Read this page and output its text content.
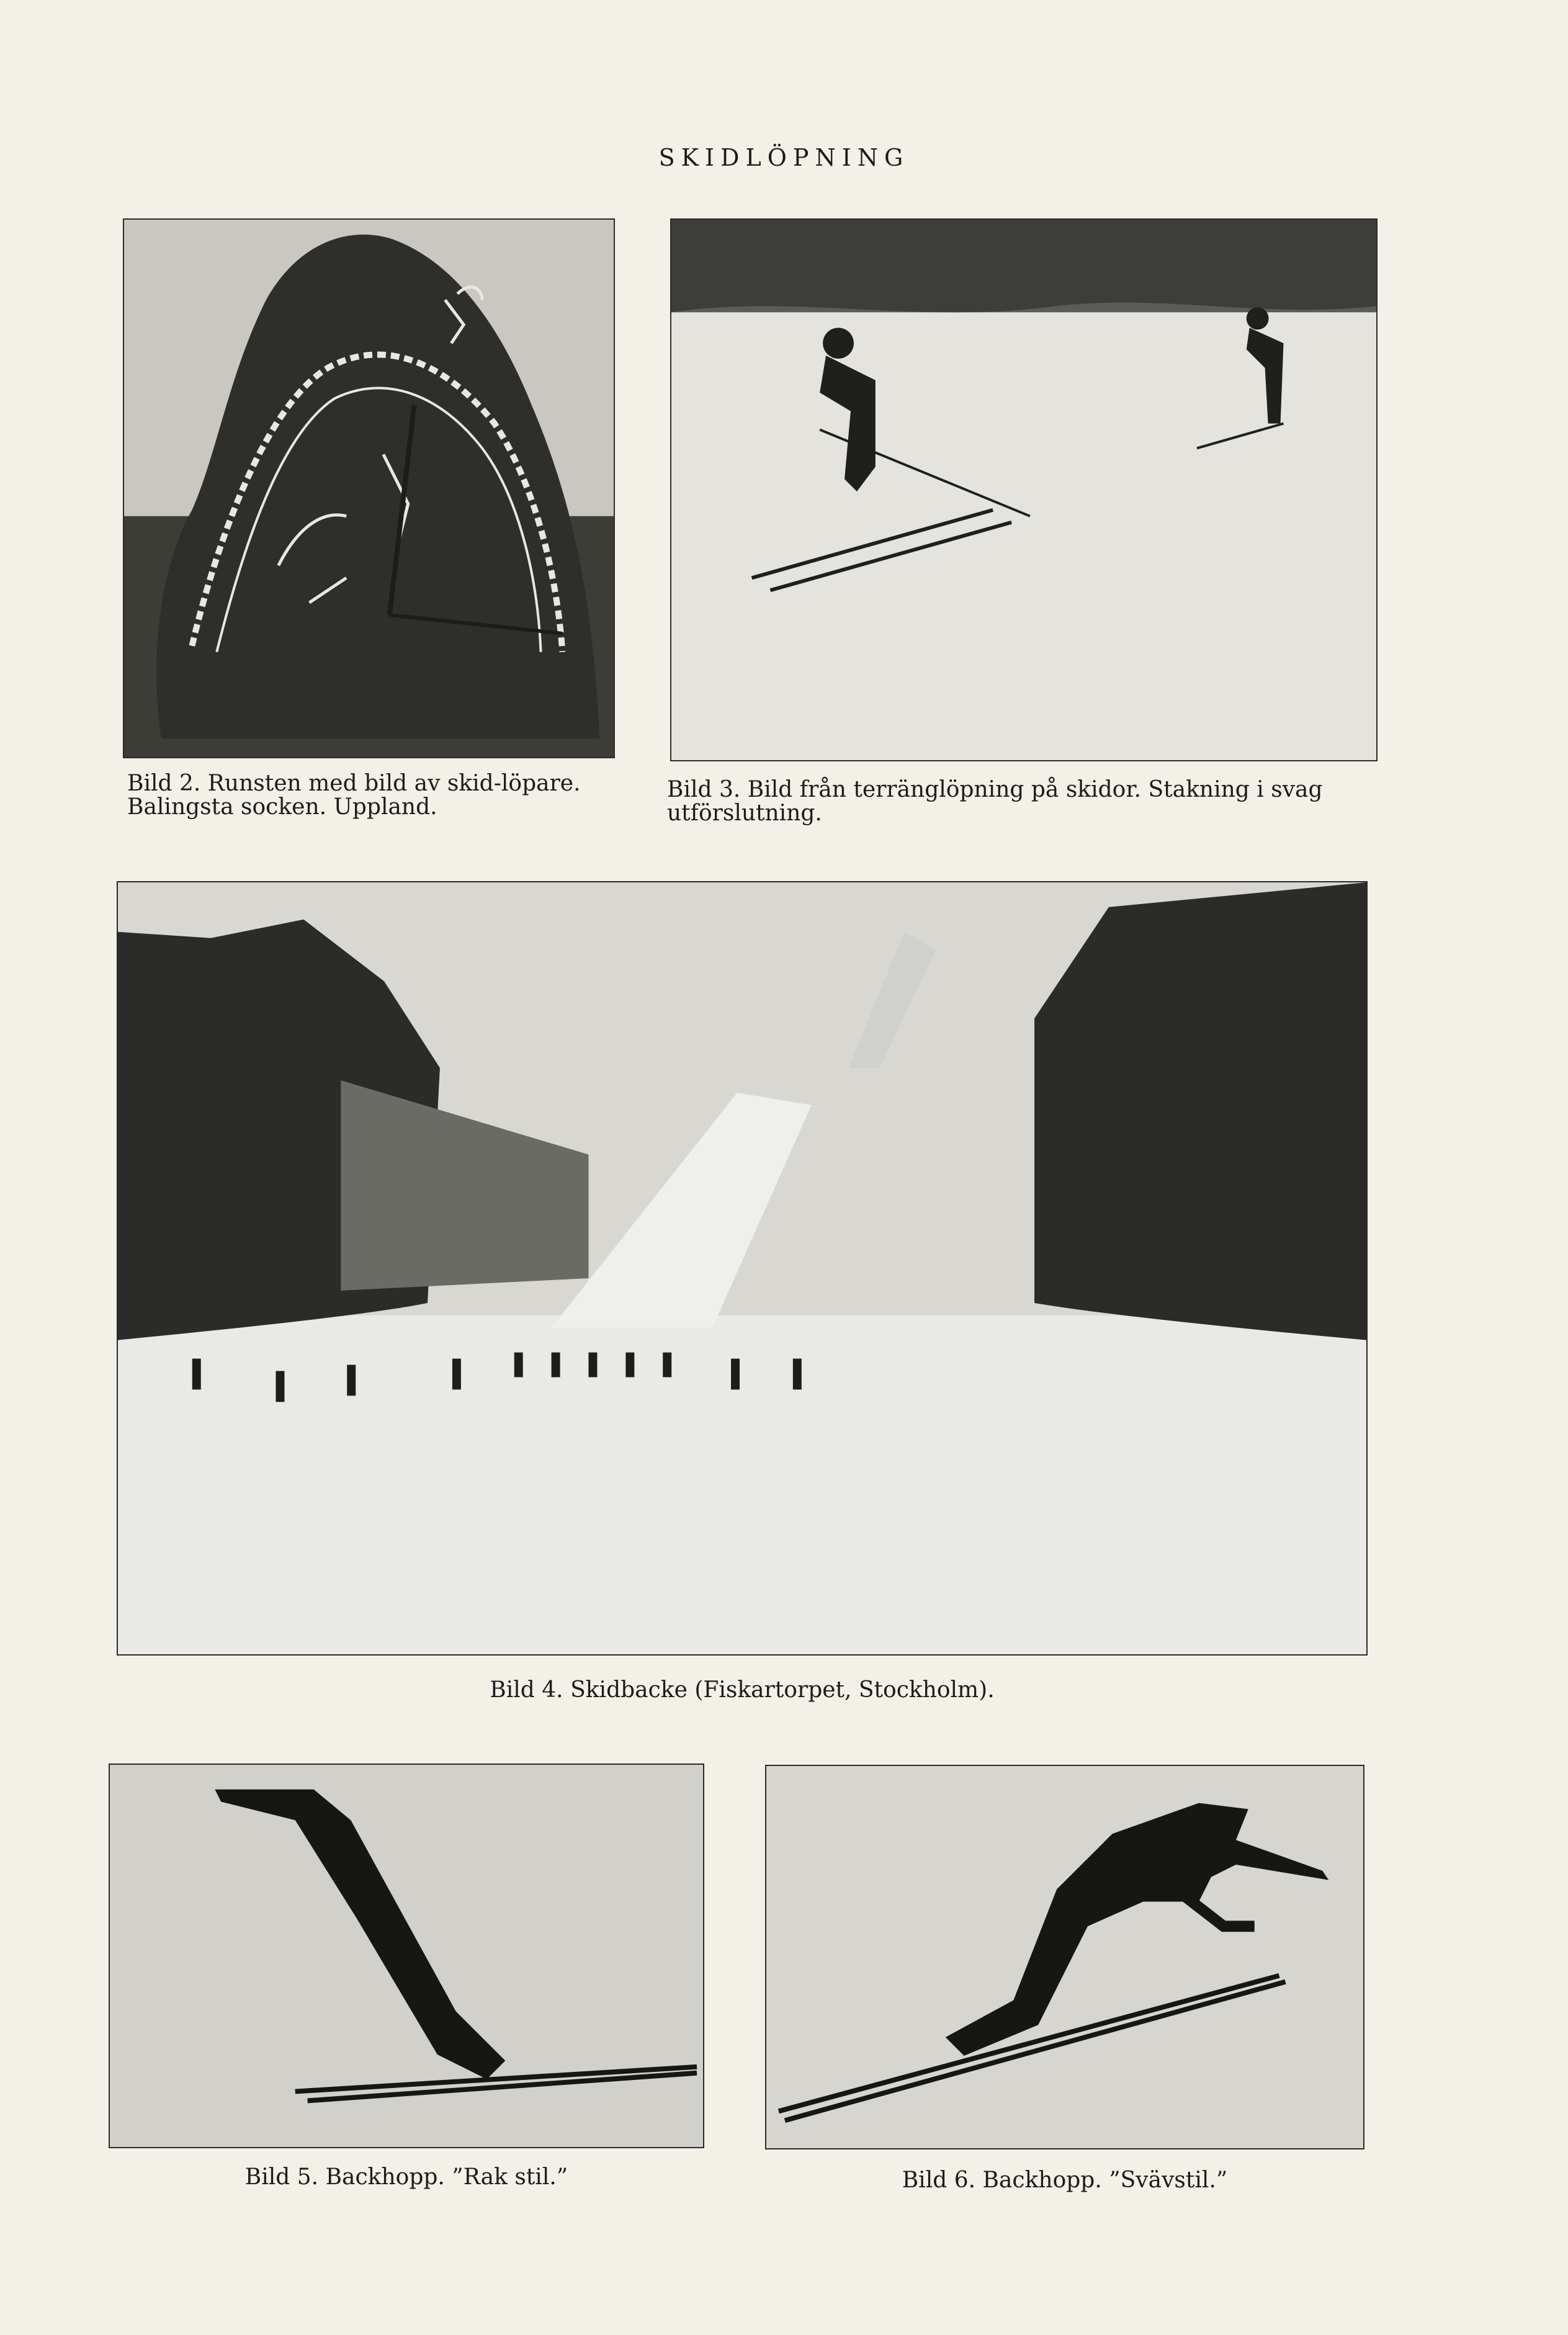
SKIDLÖPNING
Bild 2. Runsten med bild av skid-löpare. Balingsta socken. Uppland.
Bild 3. Bild från terränglöpning på skidor. Stakning i svag utförslutning.
Bild 4. Skidbacke (Fiskartorpet, Stockholm).
Bild 5. Backhopp. ”Rak stil.”	Bild 6. Backhopp. ”Svävstil.”
